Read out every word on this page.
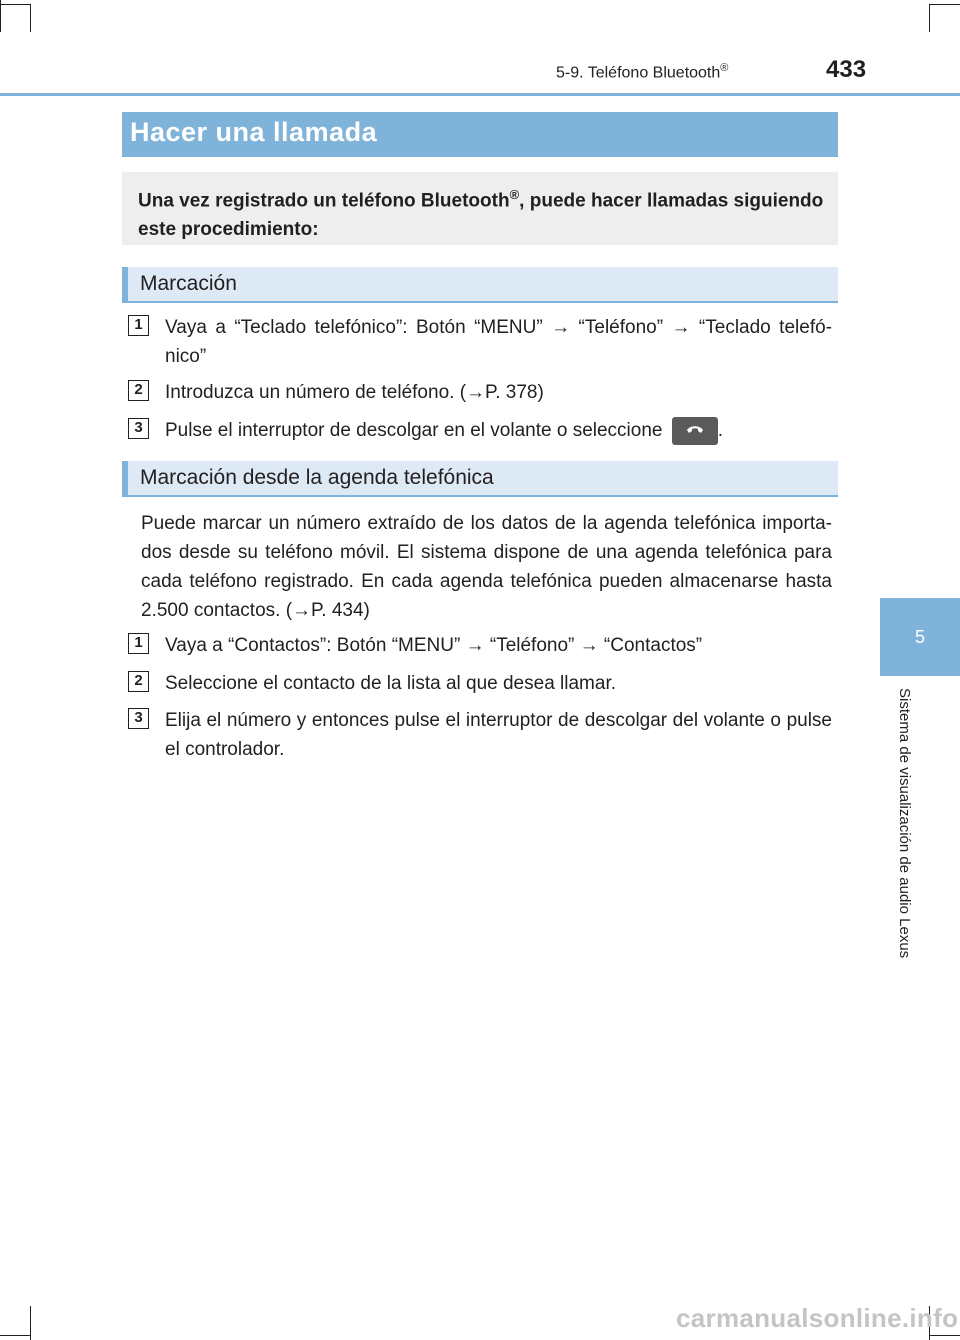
5-9. Teléfono Bluetooth®	433
5
Sistema de visualización de audio Lexus
Hacer una llamada
Una vez registrado un teléfono Bluetooth®, puede hacer llamadas siguiendo este procedimiento:
Marcación
1	Vaya a “Teclado telefónico”: Botón “MENU” → “Teléfono” → “Teclado telefó-nico”
2	Introduzca un número de teléfono. (→P. 378)
3	Pulse el interruptor de descolgar en el volante o seleccione	.
Marcación desde la agenda telefónica
Puede marcar un número extraído de los datos de la agenda telefónica importa-dos desde su teléfono móvil. El sistema dispone de una agenda telefónica para cada teléfono registrado. En cada agenda telefónica pueden almacenarse hasta 2.500 contactos. (→P. 434)
1	Vaya a “Contactos”: Botón “MENU” → “Teléfono” → “Contactos”
2	Seleccione el contacto de la lista al que desea llamar.
3	Elija el número y entonces pulse el interruptor de descolgar del volante o pulse el controlador.
carmanualsonline.info
